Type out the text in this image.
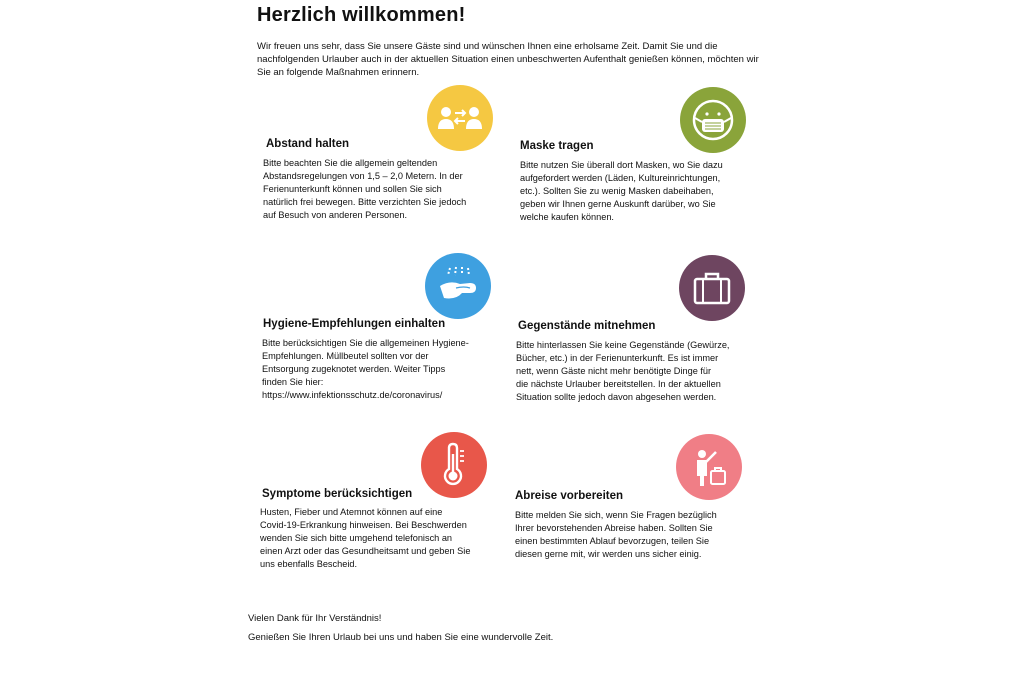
Herzlich willkommen!

Wir freuen uns sehr, dass Sie unsere Gäste sind und wünschen Ihnen eine erholsame Zeit. Damit Sie und die nachfolgenden Urlauber auch in der aktuellen Situation einen unbeschwerten Aufenthalt genießen können, möchten wir Sie an folgende Maßnahmen erinnern.

Abstand halten

Bitte beachten Sie die allgemein geltenden
Abstandsregelungen von 1,5 – 2,0 Metern. In der
Ferienunterkunft können und sollen Sie sich
natürlich frei bewegen. Bitte verzichten Sie jedoch
auf Besuch von anderen Personen.

Maske tragen

Bitte nutzen Sie überall dort Masken, wo Sie dazu
aufgefordert werden (Läden, Kultureinrichtungen,
etc.). Sollten Sie zu wenig Masken dabeihaben,
geben wir Ihnen gerne Auskunft darüber, wo Sie
welche kaufen können.

Hygiene-Empfehlungen einhalten

Bitte berücksichtigen Sie die allgemeinen Hygiene-
Empfehlungen. Müllbeutel sollten vor der
Entsorgung zugeknotet werden. Weiter Tipps
finden Sie hier:
https://www.infektionsschutz.de/coronavirus/

Gegenstände mitnehmen

Bitte hinterlassen Sie keine Gegenstände (Gewürze,
Bücher, etc.) in der Ferienunterkunft. Es ist immer
nett, wenn Gäste nicht mehr benötigte Dinge für
die nächste Urlauber bereitstellen. In der aktuellen
Situation sollte jedoch davon abgesehen werden.

Symptome berücksichtigen

Husten, Fieber und Atemnot können auf eine
Covid-19-Erkrankung hinweisen. Bei Beschwerden
wenden Sie sich bitte umgehend telefonisch an
einen Arzt oder das Gesundheitsamt und geben Sie
uns ebenfalls Bescheid.

Abreise vorbereiten

Bitte melden Sie sich, wenn Sie Fragen bezüglich
Ihrer bevorstehenden Abreise haben. Sollten Sie
einen bestimmten Ablauf bevorzugen, teilen Sie
diesen gerne mit, wir werden uns sicher einig.

Vielen Dank für Ihr Verständnis!

Genießen Sie Ihren Urlaub bei uns und haben Sie eine wundervolle Zeit.
